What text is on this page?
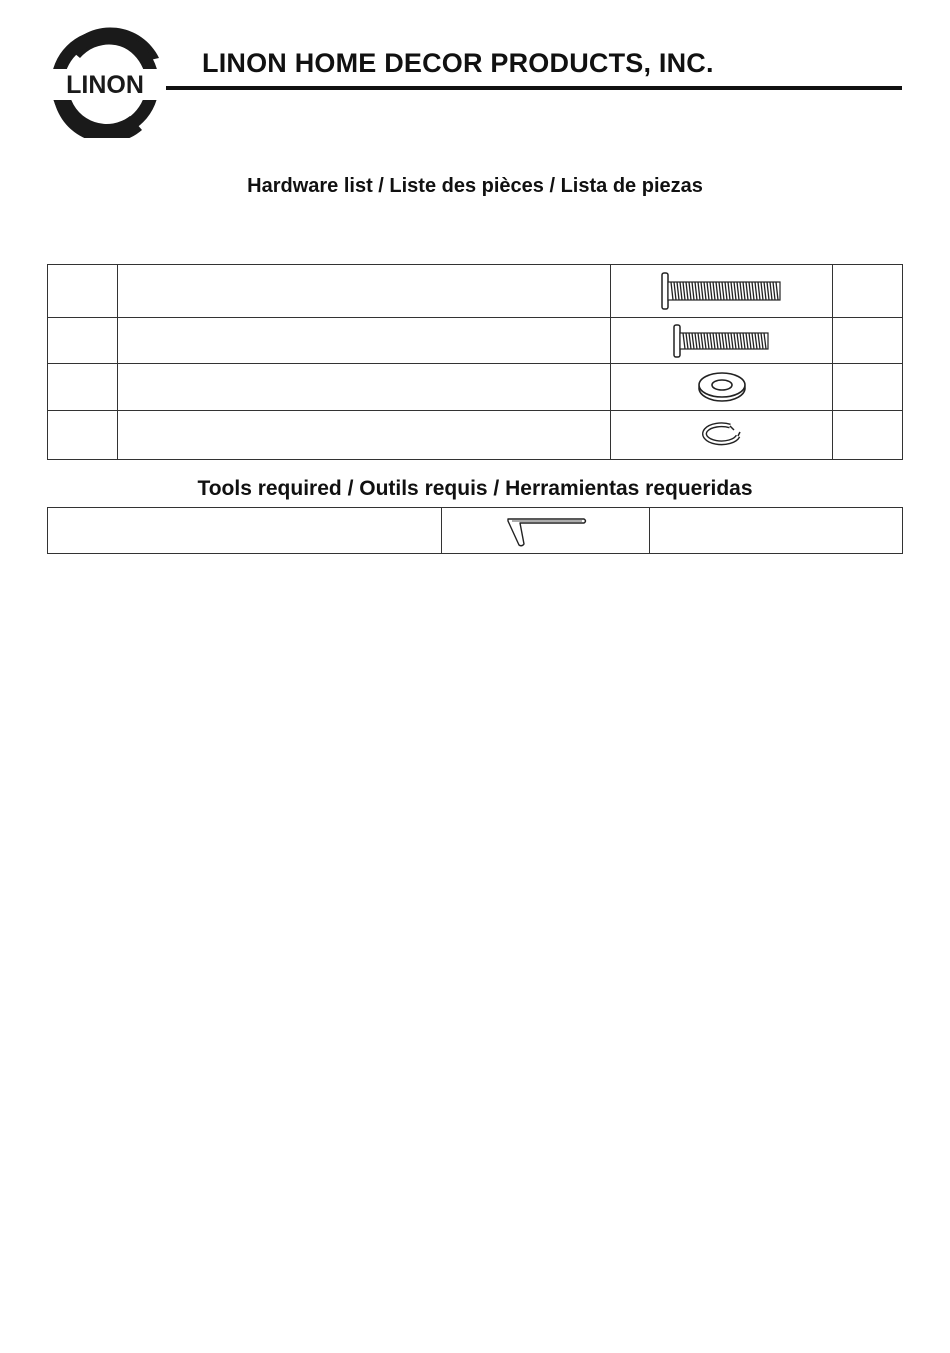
LINON
LINON HOME DECOR PRODUCTS, INC.
Hardware list / Liste des pièces / Lista de piezas

Tools required / Outils requis / Herramientas requeridas
